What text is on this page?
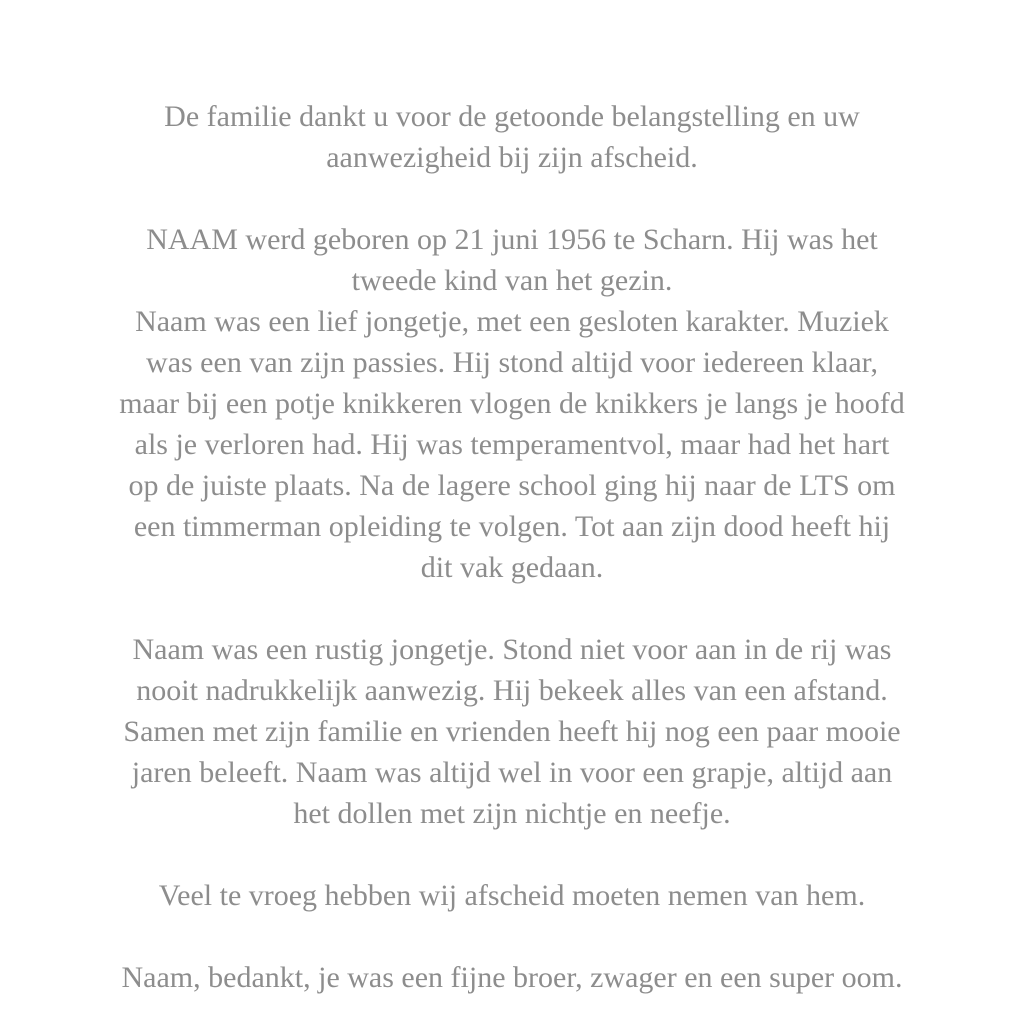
De familie dankt u voor de getoonde belangstelling en uw
aanwezigheid bij zijn afscheid.
NAAM werd geboren op 21 juni 1956 te Scharn. Hij was het
tweede kind van het gezin.
Naam was een lief jongetje, met een gesloten karakter. Muziek
was een van zijn passies. Hij stond altijd voor iedereen klaar,
maar bij een potje knikkeren vlogen de knikkers je langs je hoofd
als je verloren had. Hij was temperamentvol, maar had het hart
op de juiste plaats. Na de lagere school ging hij naar de LTS om
een timmerman opleiding te volgen. Tot aan zijn dood heeft hij
dit vak gedaan.
Naam was een rustig jongetje. Stond niet voor aan in de rij was
nooit nadrukkelijk aanwezig. Hij bekeek alles van een afstand.
Samen met zijn familie en vrienden heeft hij nog een paar mooie
jaren beleeft. Naam was altijd wel in voor een grapje, altijd aan
het dollen met zijn nichtje en neefje.
Veel te vroeg hebben wij afscheid moeten nemen van hem.
Naam, bedankt, je was een fijne broer, zwager en een super oom.
